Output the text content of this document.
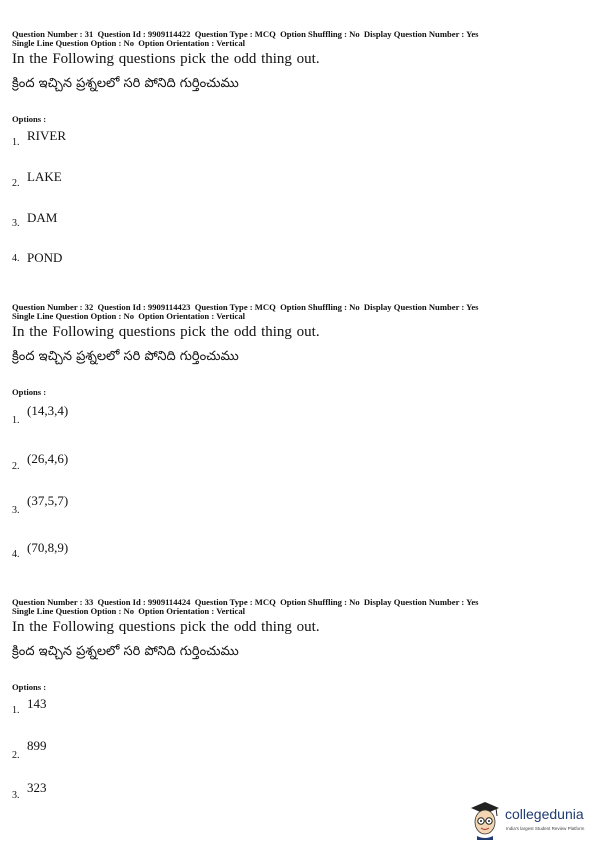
Question Number : 31  Question Id : 9909114422  Question Type : MCQ  Option Shuffling : No  Display Question Number : Yes
Single Line Question Option : No  Option Orientation : Vertical
In the Following questions pick the odd thing out.
క్రింద ఇచ్చిన ప్రశ్నలలో సరి పోనిది గుర్తించుము
Options :
1. RIVER
2. LAKE
3. DAM
4. POND
Question Number : 32  Question Id : 9909114423  Question Type : MCQ  Option Shuffling : No  Display Question Number : Yes
Single Line Question Option : No  Option Orientation : Vertical
In the Following questions pick the odd thing out.
క్రింద ఇచ్చిన ప్రశ్నలలో సరి పోనిది గుర్తించుము
Options :
1.
(14,3,4)
2.
(26,4,6)
3.
(37,5,7)
4. (70,8,9)
Question Number : 33  Question Id : 9909114424  Question Type : MCQ  Option Shuffling : No  Display Question Number : Yes
Single Line Question Option : No  Option Orientation : Vertical
In the Following questions pick the odd thing out.
క్రింద ఇచ్చిన ప్రశ్నలలో సరి పోనిది గుర్తించుము
Options :
1. 143
2.
899
3.
323
collegedunia
India's largest Student Review Platform
